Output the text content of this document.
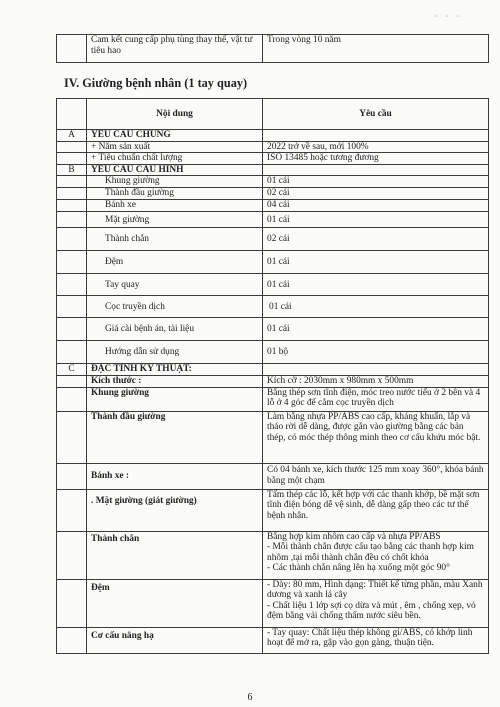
· · ·
	Cam kết cung cấp phụ tùng thay thế, vật tư tiêu hao	Trong vòng 10 năm
IV. Giường bệnh nhân (1 tay quay)
	Nội dung	Yêu cầu
A	YÊU CẦU CHUNG	
	+ Năm sản xuất	2022 trở về sau, mới 100%
	+ Tiêu chuẩn chất lượng	ISO 13485 hoặc tương đương
B	YÊU CẦU CẤU HÌNH	
	Khung giường	01 cái
	Thành đầu giường	02 cái
	Bánh xe	04 cái
	Mặt giường	01 cái
	Thành chắn	02 cái
	Đệm	01 cái
	Tay quay	01 cái
	Cọc truyền dịch	01 cái
	Giá cài bệnh án, tài liệu	01 cái
	Hướng dẫn sử dụng	01 bộ
C	ĐẶC TÍNH KỸ THUẬT:	
	Kích thước :	Kích cỡ : 2030mm x 980mm x 500mm
	Khung giường	Bằng thép sơn tĩnh điện, móc treo nước tiểu ở 2 bên và 4 lỗ ở 4 góc để cắm cọc truyền dịch
	Thành đầu giường	Làm bằng nhựa PP/ABS cao cấp, kháng khuẩn, lắp và tháo rời dễ dàng, được gắn vào giường bằng các bản thép, có móc thép thông minh theo cơ cấu khứu móc bật.
	Bánh xe :	Có 04 bánh xe, kích thước 125 mm xoay 360°, khóa bánh bằng một chạm
	. Mặt giường (giát giường)	Tấm thép các lỗ, kết hợp với các thanh khớp, bề mặt sơn tĩnh điện bóng dễ vệ sinh, dễ dàng gấp theo các tư thế bệnh nhân.
	Thành chắn	Bằng hợp kim nhôm cao cấp và nhựa PP/ABS
- Mỗi thành chắn được cấu tạo bằng các thanh hợp kim nhôm ,tại mỗi thành chắn đều có chốt khóa
- Các thành chắn nâng lên hạ xuống một góc 90°

	Đệm	- Dày: 80 mm, Hình dạng: Thiết kế từng phần, màu Xanh dương và xanh lá cây
- Chất liệu 1 lớp sợi cọ dừa và mút , êm , chống xẹp, vỏ đệm bằng vải chống thấm nước siêu bền.

	Cơ cấu nâng hạ	- Tay quay: Chất liệu thép không gỉ/ABS, có khớp linh hoạt để mở ra, gập vào gọn gàng, thuận tiện.
6
